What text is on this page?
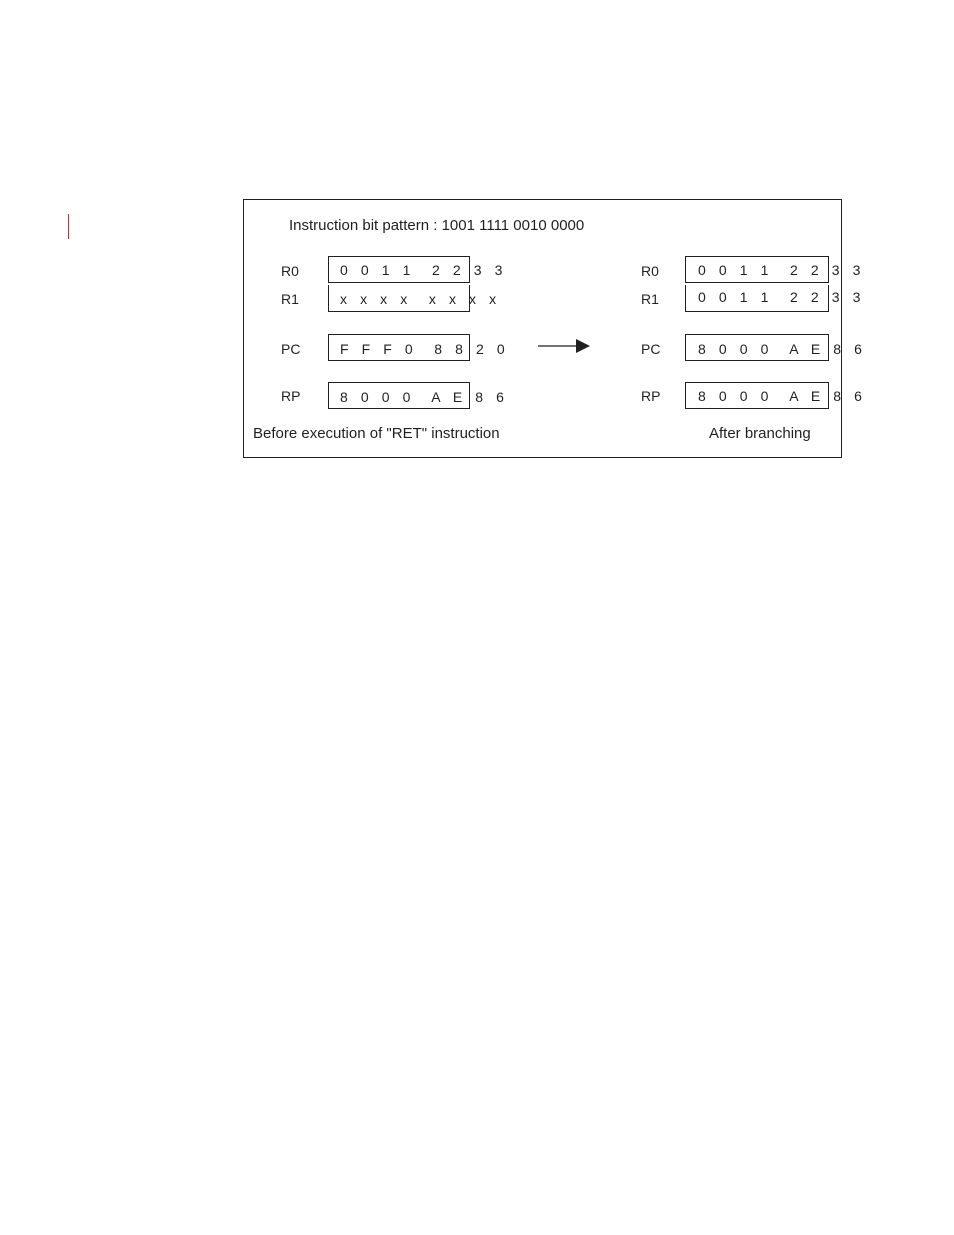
Instruction bit pattern : 1001 1111 0010 0000
R0
R1
PC
RP
0 0 1 1  2 2 3 3
x x x x  x x x x
F F F 0  8 8 2 0
8 0 0 0  A E 8 6
R0
R1
PC
RP
0 0 1 1  2 2 3 3
0 0 1 1  2 2 3 3
8 0 0 0  A E 8 6
8 0 0 0  A E 8 6
Before execution of "RET" instruction	After branching
